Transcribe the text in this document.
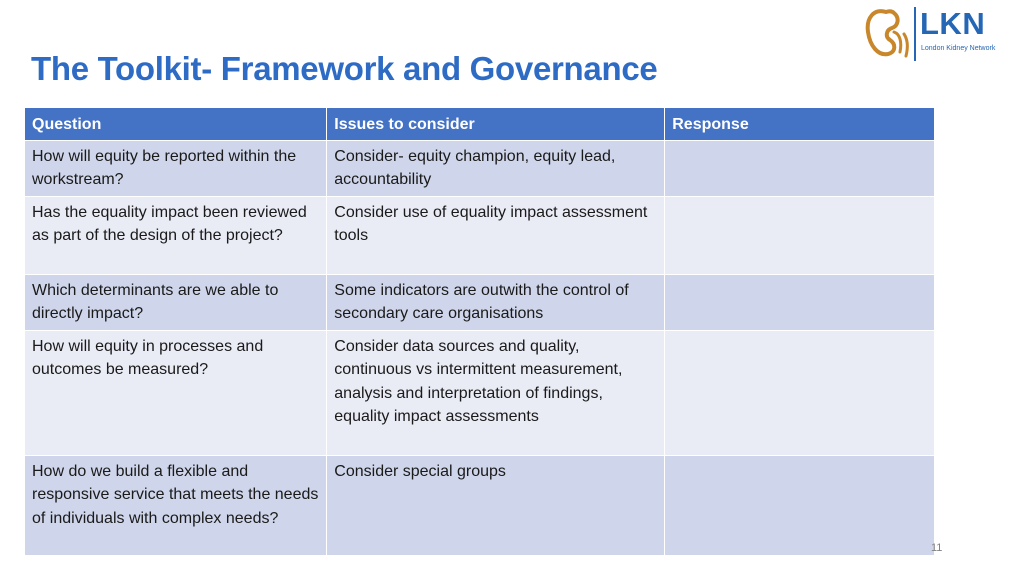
The Toolkit- Framework and Governance
LKN
London Kidney Network
Question	Issues to consider	Response
How will equity be reported within the workstream?	Consider- equity champion, equity lead, accountability	
Has the equality impact been reviewed as part of the design of the project?	Consider use of equality impact assessment tools	
Which determinants are we able to directly impact?	Some indicators are outwith the control of secondary care organisations	
How will equity in processes and outcomes be measured?	Consider data sources and quality, continuous vs intermittent measurement, analysis and interpretation of findings, equality impact assessments	
How do we build a flexible and responsive service that meets the needs of individuals with complex needs?	Consider special groups	
11
